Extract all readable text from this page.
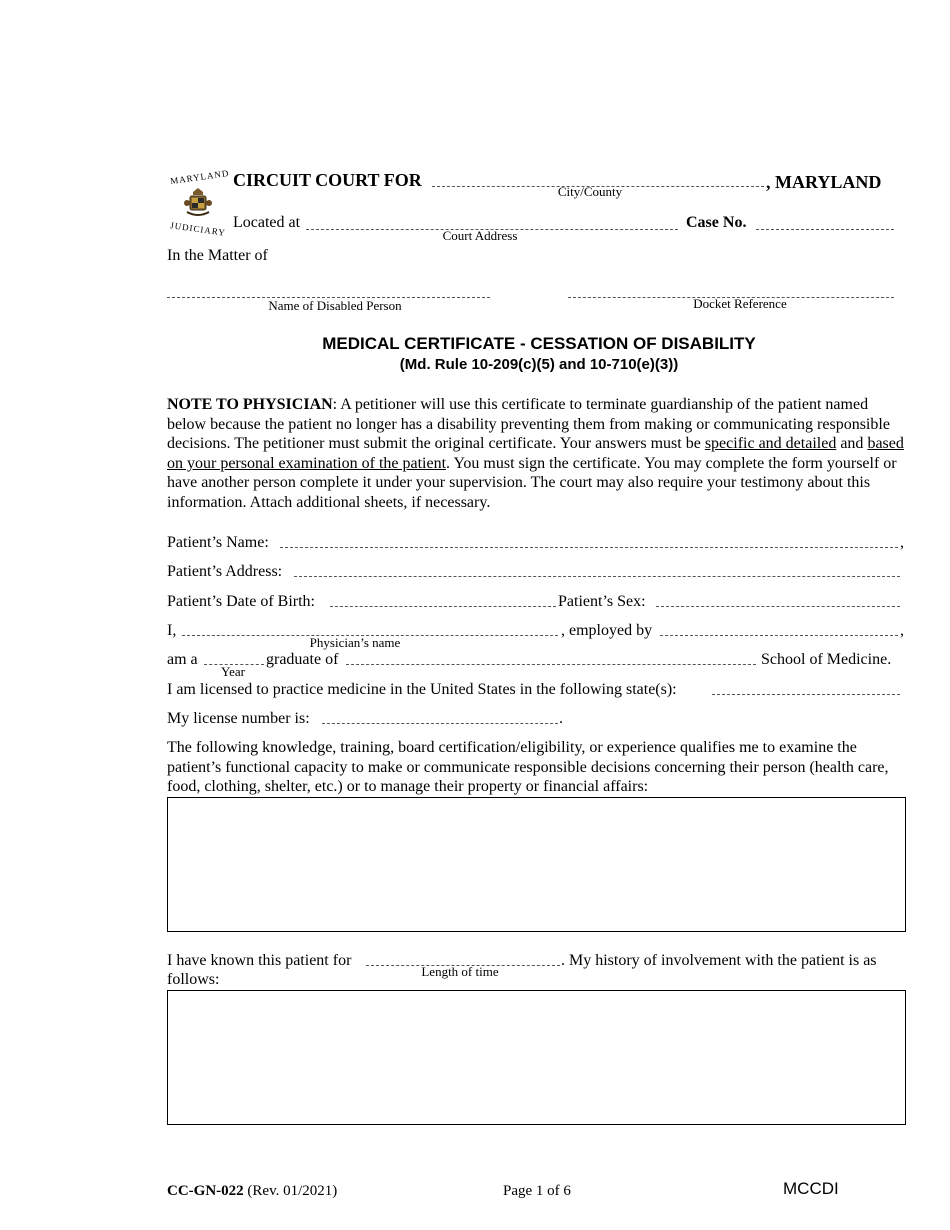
MARYLAND
JUDICIARY
CIRCUIT COURT FOR
City/County	, MARYLAND
Located at
Court Address
Case No.
In the Matter of
Name of Disabled Person	Docket Reference
MEDICAL CERTIFICATE - CESSATION OF DISABILITY
(Md. Rule 10-209(c)(5) and 10-710(e)(3))
NOTE TO PHYSICIAN: A petitioner will use this certificate to terminate guardianship of the patient named below because the patient no longer has a disability preventing them from making or communicating responsible decisions. The petitioner must submit the original certificate. Your answers must be specific and detailed and based on your personal examination of the patient. You must sign the certificate. You may complete the form yourself or have another person complete it under your supervision. The court may also require your testimony about this information. Attach additional sheets, if necessary.
Patient’s Name:	,
Patient’s Address:
Patient’s Date of Birth:	Patient’s Sex:
I,
Physician’s name
, employed by	,
am a
Year
graduate of	School of Medicine.
I am licensed to practice medicine in the United States in the following state(s):
My license number is:	.
The following knowledge, training, board certification/eligibility, or experience qualifies me to examine the patient’s functional capacity to make or communicate responsible decisions concerning their person (health care, food, clothing, shelter, etc.) or to manage their property or financial affairs:
I have known this patient for
Length of time
. My history of involvement with the patient is as
follows:
CC-GN-022 (Rev. 01/2021)	Page 1 of 6	MCCDI
